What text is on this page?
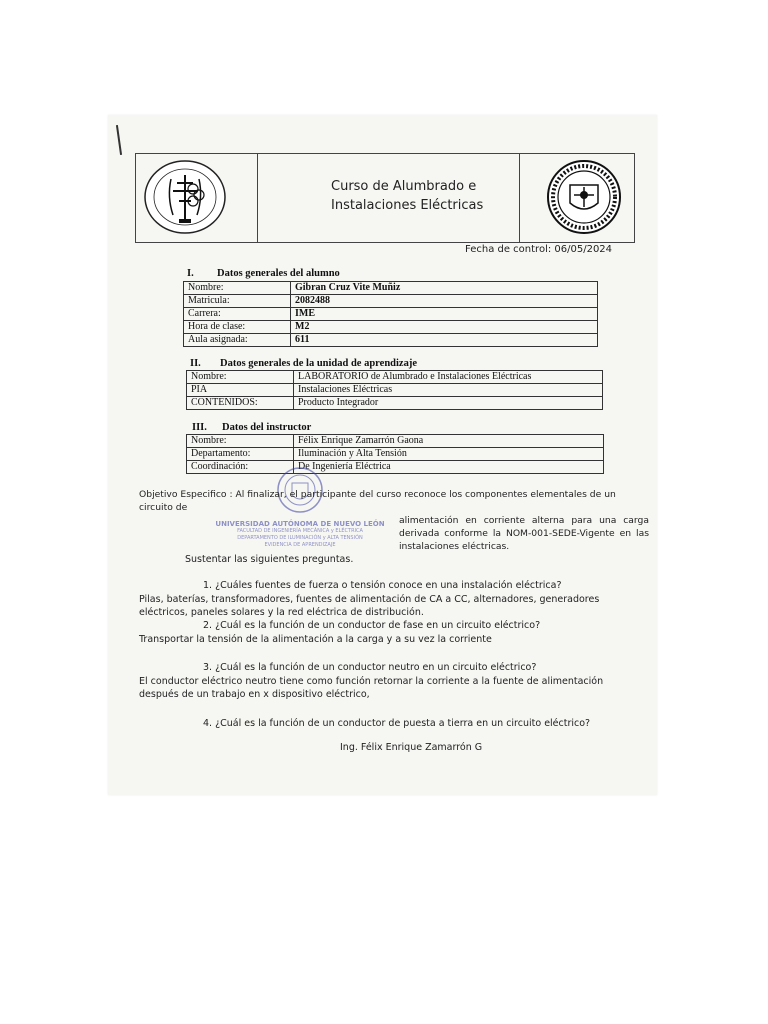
Curso de Alumbrado e
Instalaciones Eléctricas
Fecha de control: 06/05/2024
I. Datos generales del alumno
Nombre:	Gibran Cruz Vite Muñiz
Matricula:	2082488
Carrera:	IME
Hora de clase:	M2
Aula asignada:	611
II. Datos generales de la unidad de aprendizaje
Nombre:	LABORATORIO de Alumbrado e Instalaciones Eléctricas
PIA	Instalaciones Eléctricas
CONTENIDOS:	Producto Integrador
III. Datos del instructor
Nombre:	Félix Enrique Zamarrón Gaona
Departamento:	Iluminación y Alta Tensión
Coordinación:	De Ingeniería Eléctrica
UNIVERSIDAD AUTÓNOMA DE NUEVO LEÓN
FACULTAD DE INGENIERÍA MECÁNICA y ELÉCTRICA
DEPARTAMENTO DE ILUMINACIÓN y ALTA TENSIÓN
EVIDENCIA DE APRENDIZAJE
Objetivo Especifico : Al finalizar, el participante del curso reconoce los componentes elementales de un circuito de
alimentación en corriente alterna para una carga derivada conforme la NOM-001-SEDE-Vigente en las instalaciones eléctricas.
Sustentar las siguientes preguntas.
1. ¿Cuáles fuentes de fuerza o tensión conoce en una instalación eléctrica?
Pilas, baterías, transformadores, fuentes de alimentación de CA a CC, alternadores, generadores eléctricos, paneles solares y la red eléctrica de distribución.
2. ¿Cuál es la función de un conductor de fase en un circuito eléctrico?
Transportar la tensión de la alimentación a la carga y a su vez la corriente
3. ¿Cuál es la función de un conductor neutro en un circuito eléctrico?
El conductor eléctrico neutro tiene como función retornar la corriente a la fuente de alimentación después de un trabajo en x dispositivo eléctrico,
4. ¿Cuál es la función de un conductor de puesta a tierra en un circuito eléctrico?
Ing. Félix Enrique Zamarrón G
